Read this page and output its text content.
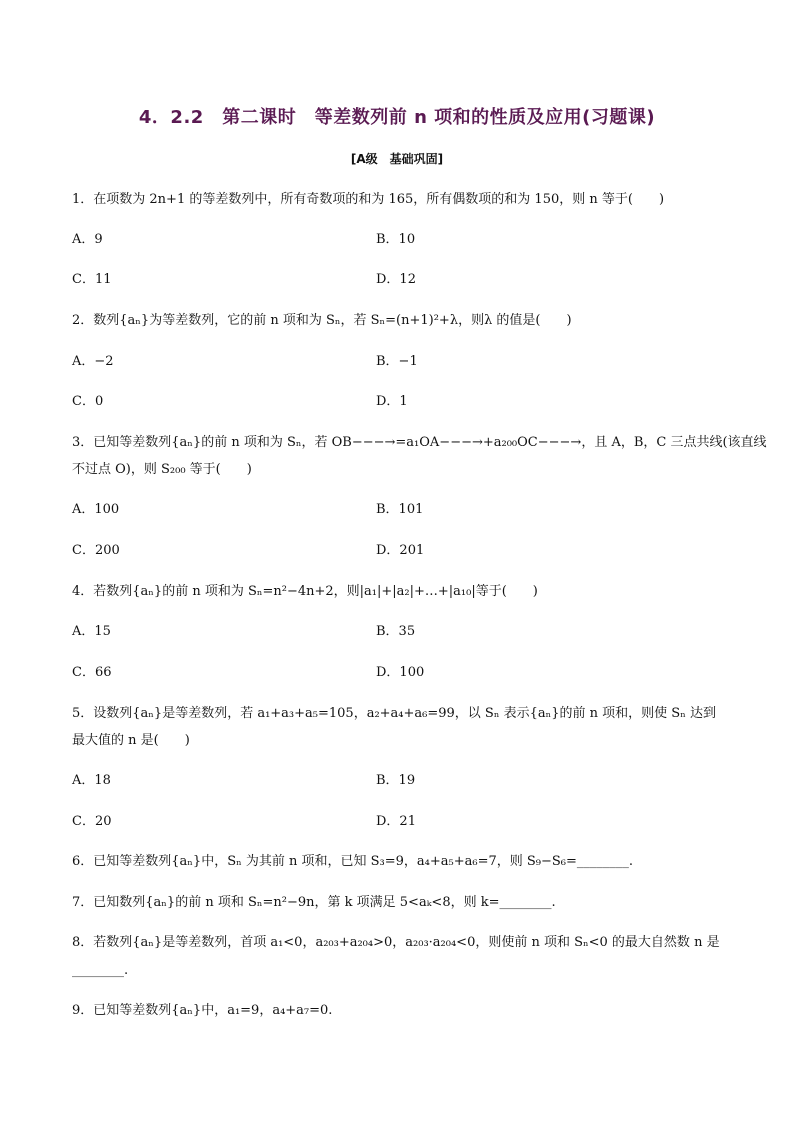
4．2.2　第二课时　等差数列前 n 项和的性质及应用(习题课)
[A级　基础巩固]
1．在项数为 2n+1 的等差数列中，所有奇数项的和为 165，所有偶数项的和为 150，则 n 等于(　　)
A．9	B．10
C．11	D．12
2．数列{aₙ}为等差数列，它的前 n 项和为 Sₙ，若 Sₙ=(n+1)²+λ，则λ 的值是(　　)
A．−2	B．−1
C．0	D．1
3．已知等差数列{aₙ}的前 n 项和为 Sₙ，若 OB−−−→=a₁OA−−−→+a₂₀₀OC−−−→，且 A，B，C 三点共线(该直线
不过点 O)，则 S₂₀₀ 等于(　　)
A．100	B．101
C．200	D．201
4．若数列{aₙ}的前 n 项和为 Sₙ=n²−4n+2，则|a₁|+|a₂|+…+|a₁₀|等于(　　)
A．15	B．35
C．66	D．100
5．设数列{aₙ}是等差数列，若 a₁+a₃+a₅=105，a₂+a₄+a₆=99，以 Sₙ 表示{aₙ}的前 n 项和，则使 Sₙ 达到
最大值的 n 是(　　)
A．18	B．19
C．20	D．21
6．已知等差数列{aₙ}中，Sₙ 为其前 n 项和，已知 S₃=9，a₄+a₅+a₆=7，则 S₉−S₆=________.
7．已知数列{aₙ}的前 n 项和 Sₙ=n²−9n，第 k 项满足 5<aₖ<8，则 k=________.
8．若数列{aₙ}是等差数列，首项 a₁<0，a₂₀₃+a₂₀₄>0，a₂₀₃·a₂₀₄<0，则使前 n 项和 Sₙ<0 的最大自然数 n 是
________.
9．已知等差数列{aₙ}中，a₁=9，a₄+a₇=0.
